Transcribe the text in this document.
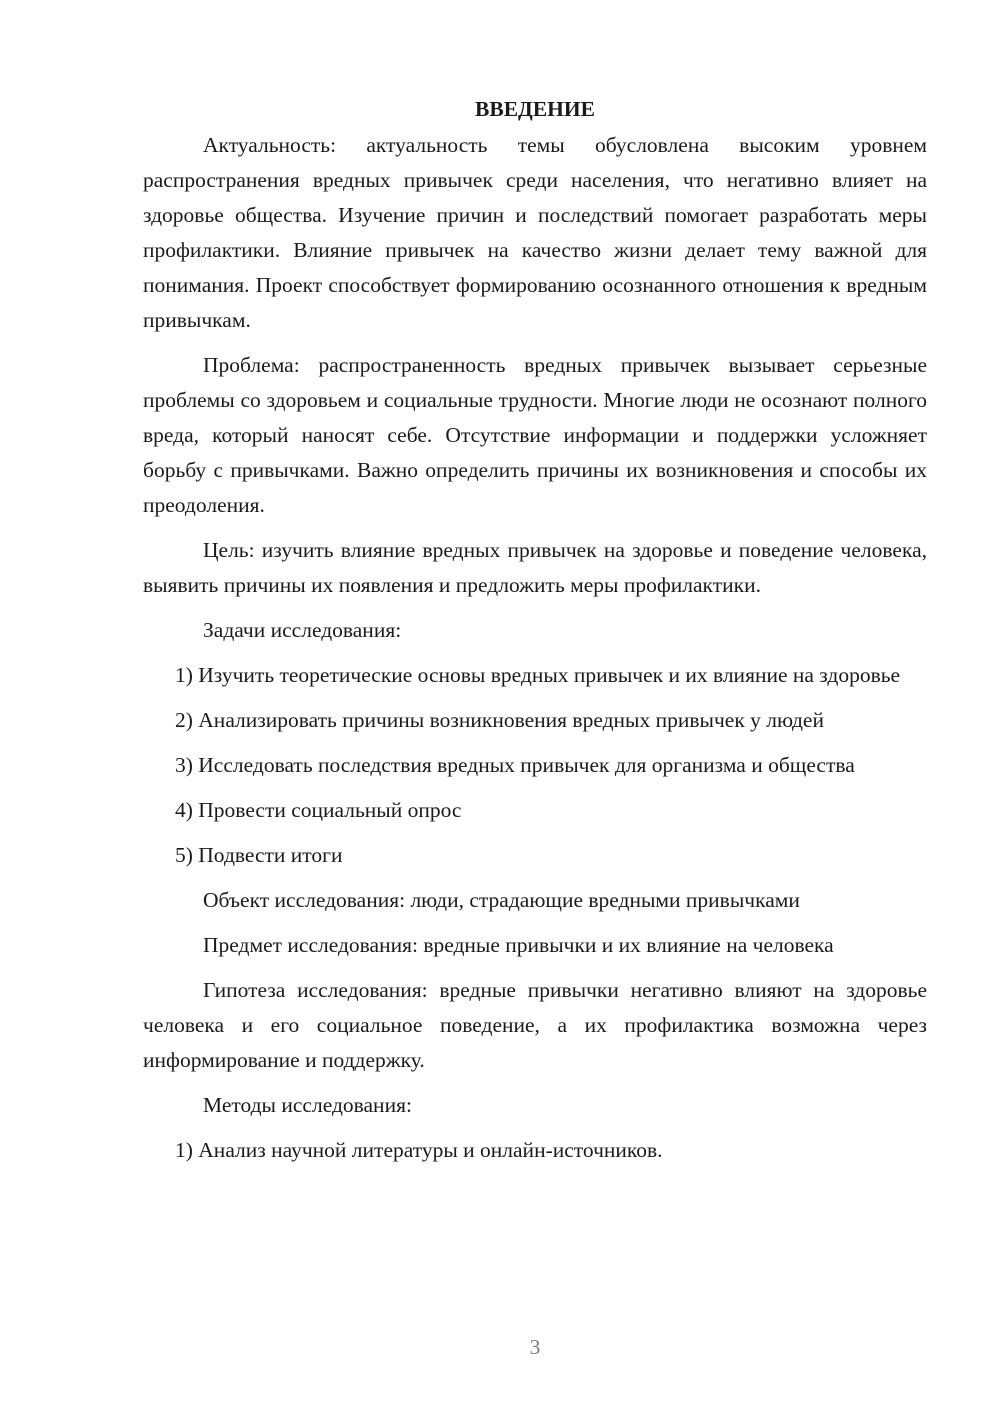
ВВЕДЕНИЕ

Актуальность: актуальность темы обусловлена высоким уровнем распространения вредных привычек среди населения, что негативно влияет на здоровье общества. Изучение причин и последствий помогает разработать меры профилактики. Влияние привычек на качество жизни делает тему важной для понимания. Проект способствует формированию осознанного отношения к вредным привычкам.

Проблема: распространенность вредных привычек вызывает серьезные проблемы со здоровьем и социальные трудности. Многие люди не осознают полного вреда, который наносят себе. Отсутствие информации и поддержки усложняет борьбу с привычками. Важно определить причины их возникновения и способы их преодоления.

Цель: изучить влияние вредных привычек на здоровье и поведение человека, выявить причины их появления и предложить меры профилактики.

Задачи исследования:

1) Изучить теоретические основы вредных привычек и их влияние на здоровье

2) Анализировать причины возникновения вредных привычек у людей

3) Исследовать последствия вредных привычек для организма и общества

4) Провести социальный опрос

5) Подвести итоги

Объект исследования: люди, страдающие вредными привычками

Предмет исследования: вредные привычки и их влияние на человека

Гипотеза исследования: вредные привычки негативно влияют на здоровье человека и его социальное поведение, а их профилактика возможна через информирование и поддержку.

Методы исследования:

1) Анализ научной литературы и онлайн-источников.

3
